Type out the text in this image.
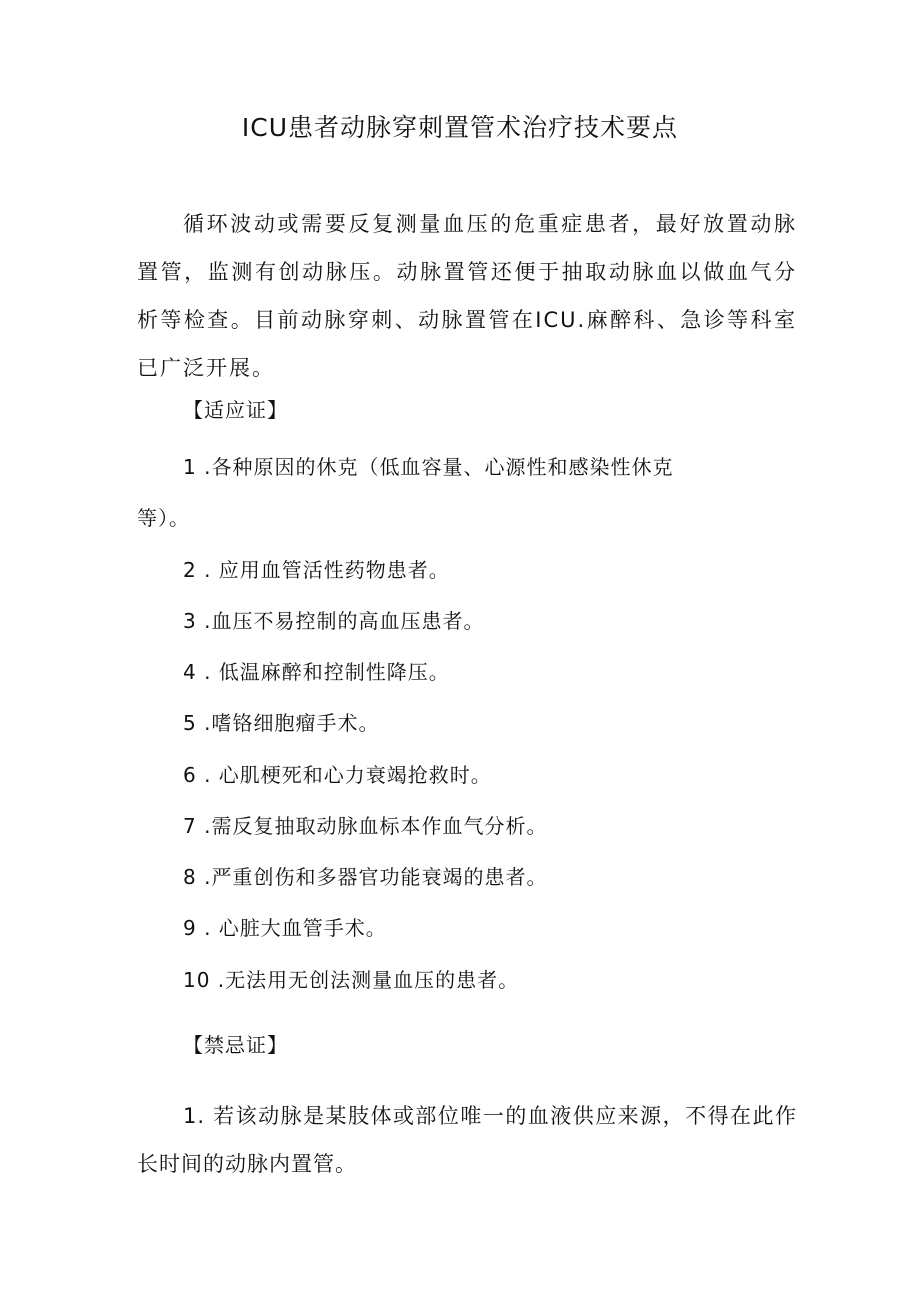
ICU患者动脉穿刺置管术治疗技术要点

循环波动或需要反复测量血压的危重症患者，最好放置动脉置管，监测有创动脉压。动脉置管还便于抽取动脉血以做血气分析等检查。目前动脉穿刺、动脉置管在ICU.麻醉科、急诊等科室已广泛开展。

【适应证】
1 .各种原因的休克（低血容量、心源性和感染性休克
等）。
2 . 应用血管活性药物患者。
3 .血压不易控制的高血压患者。
4 . 低温麻醉和控制性降压。
5 .嗜铬细胞瘤手术。
6 . 心肌梗死和心力衰竭抢救时。
7 .需反复抽取动脉血标本作血气分析。
8 .严重创伤和多器官功能衰竭的患者。
9 . 心脏大血管手术。
10 .无法用无创法测量血压的患者。
【禁忌证】

1. 若该动脉是某肢体或部位唯一的血液供应来源，不得在此作长时间的动脉内置管。
